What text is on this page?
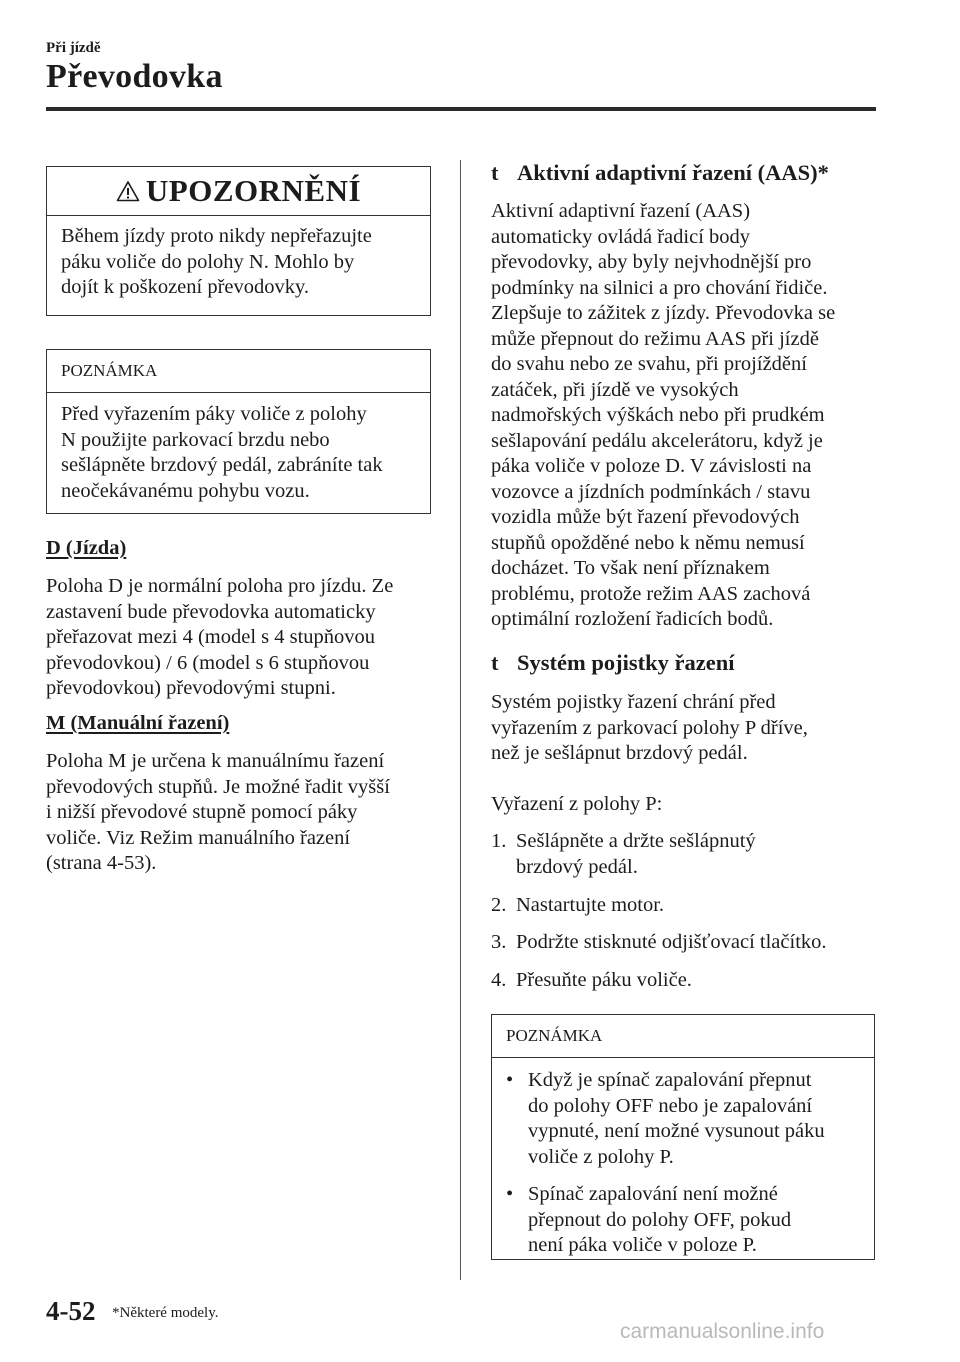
Při jízdě
Převodovka
UPOZORNĚNÍ
Během jízdy proto nikdy nepřeřazujte
páku voliče do polohy N. Mohlo by
dojít k poškození převodovky.
POZNÁMKA
Před vyřazením páky voliče z polohy
N použijte parkovací brzdu nebo
sešlápněte brzdový pedál, zabráníte tak
neočekávanému pohybu vozu.
D (Jízda)
Poloha D je normální poloha pro jízdu. Ze
zastavení bude převodovka automaticky
přeřazovat mezi 4 (model s 4 stupňovou
převodovkou) / 6 (model s 6 stupňovou
převodovkou) převodovými stupni.
M (Manuální řazení)
Poloha M je určena k manuálnímu řazení
převodových stupňů. Je možné řadit vyšší
i nižší převodové stupně pomocí páky
voliče. Viz Režim manuálního řazení
(strana 4-53).
t Aktivní adaptivní řazení (AAS)*
Aktivní adaptivní řazení (AAS)
automaticky ovládá řadicí body
převodovky, aby byly nejvhodnější pro
podmínky na silnici a pro chování řidiče.
Zlepšuje to zážitek z jízdy. Převodovka se
může přepnout do režimu AAS při jízdě
do svahu nebo ze svahu, při projíždění
zatáček, při jízdě ve vysokých
nadmořských výškách nebo při prudkém
sešlapování pedálu akcelerátoru, když je
páka voliče v poloze D. V závislosti na
vozovce a jízdních podmínkách / stavu
vozidla může být řazení převodových
stupňů opožděné nebo k němu nemusí
docházet. To však není příznakem
problému, protože režim AAS zachová
optimální rozložení řadicích bodů.
t Systém pojistky řazení
Systém pojistky řazení chrání před
vyřazením z parkovací polohy P dříve,
než je sešlápnut brzdový pedál.
Vyřazení z polohy P:
1. Sešlápněte a držte sešlápnutý
brzdový pedál.
2. Nastartujte motor.
3. Podržte stisknuté odjišťovací tlačítko.
4. Přesuňte páku voliče.
POZNÁMKA
• Když je spínač zapalování přepnut
do polohy OFF nebo je zapalování
vypnuté, není možné vysunout páku
voliče z polohy P.
• Spínač zapalování není možné
přepnout do polohy OFF, pokud
není páka voliče v poloze P.
4-52 *Některé modely.
carmanualsonline.info
